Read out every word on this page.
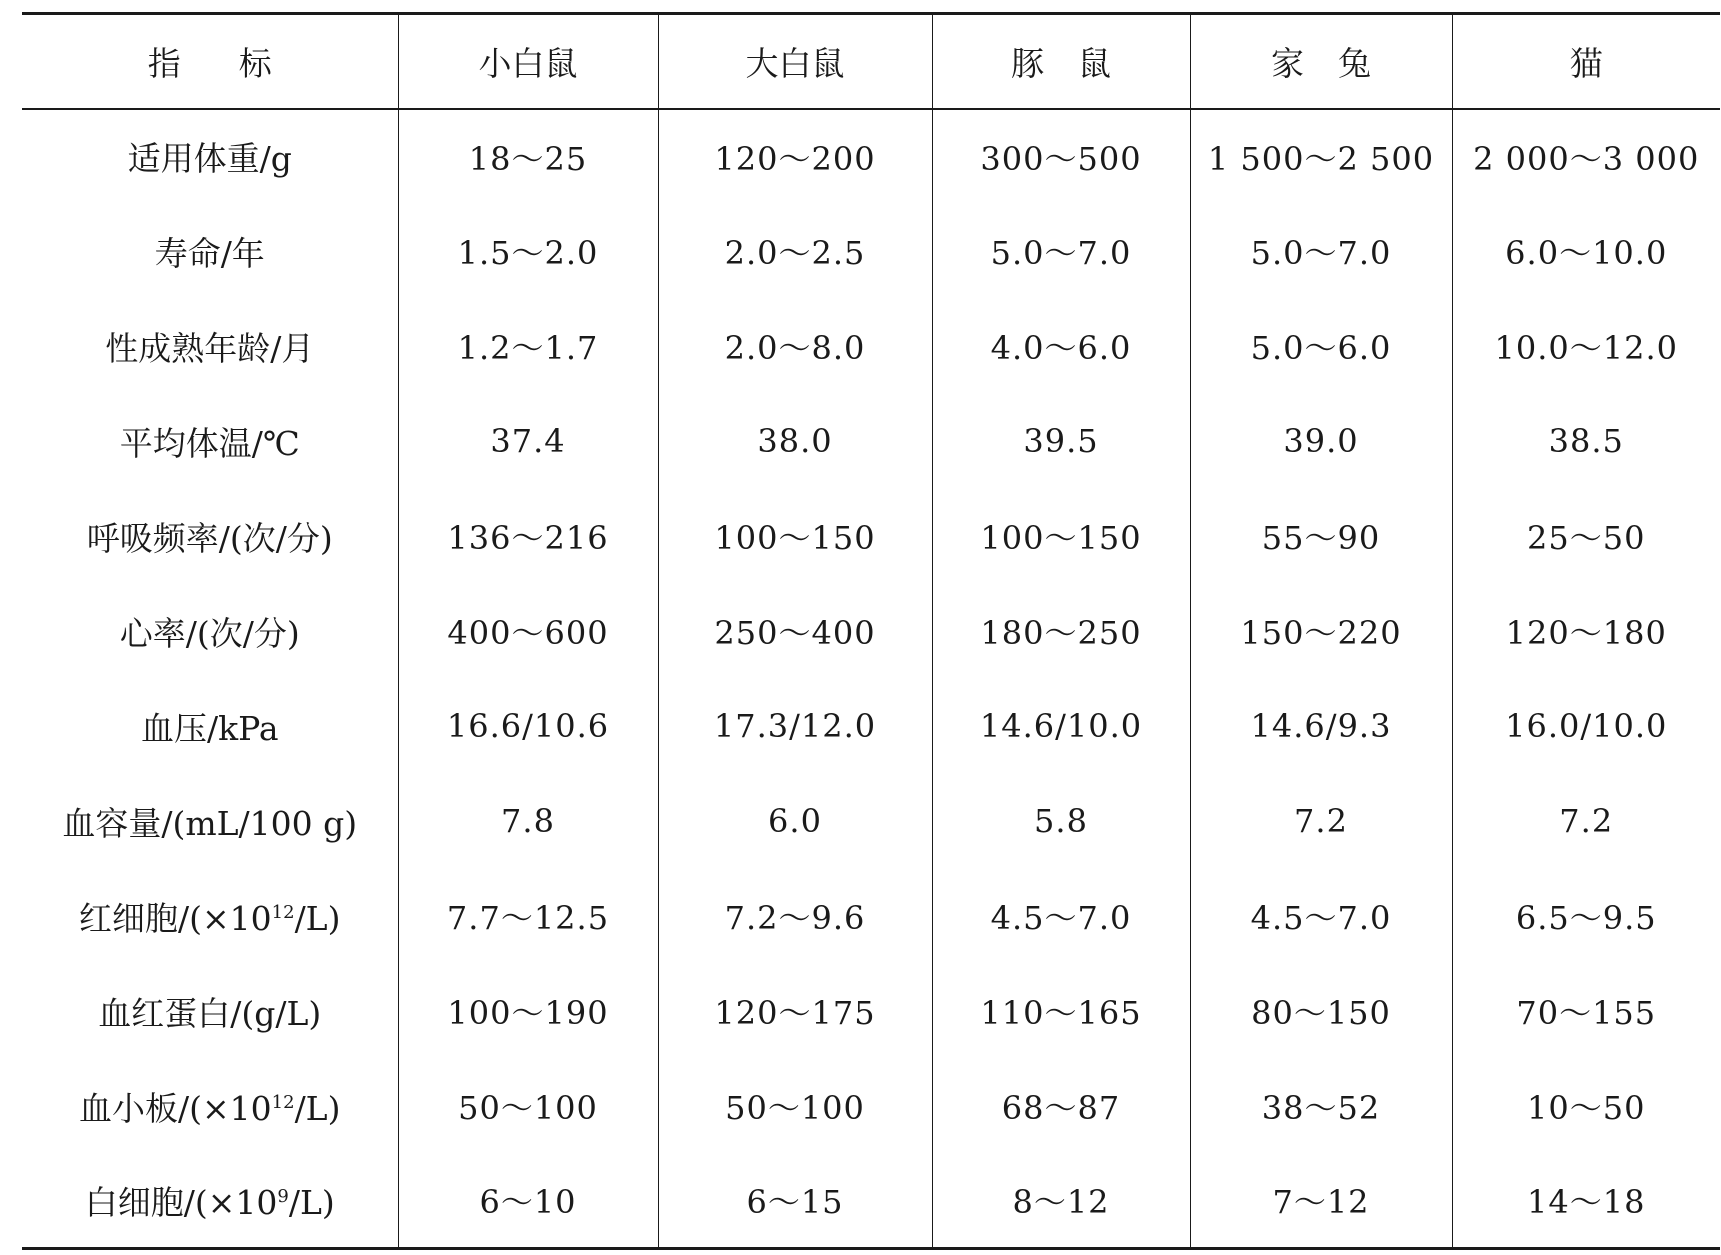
指 标	小白鼠	大白鼠	豚 鼠	家 兔	猫
适用体重/g	18～25	120～200	300～500	1 500～2 500	2 000～3 000
寿命/年	1.5～2.0	2.0～2.5	5.0～7.0	5.0～7.0	6.0～10.0
性成熟年龄/月	1.2～1.7	2.0～8.0	4.0～6.0	5.0～6.0	10.0～12.0
平均体温/℃	37.4	38.0	39.5	39.0	38.5
呼吸频率/(次/分)	136～216	100～150	100～150	55～90	25～50
心率/(次/分)	400～600	250～400	180～250	150～220	120～180
血压/kPa	16.6/10.6	17.3/12.0	14.6/10.0	14.6/9.3	16.0/10.0
血容量/(mL/100 g)	7.8	6.0	5.8	7.2	7.2
红细胞$/(\times 10^{12}/L)$	7.7～12.5	7.2～9.6	4.5～7.0	4.5～7.0	6.5～9.5
血红蛋白/(g/L)	100～190	120～175	110～165	80～150	70～155
血小板$/(\times 10^{12}/L)$	50～100	50～100	68～87	38～52	10～50
白细胞$/(\times 10^9/L)$	6～10	6～15	8～12	7～12	14～18
